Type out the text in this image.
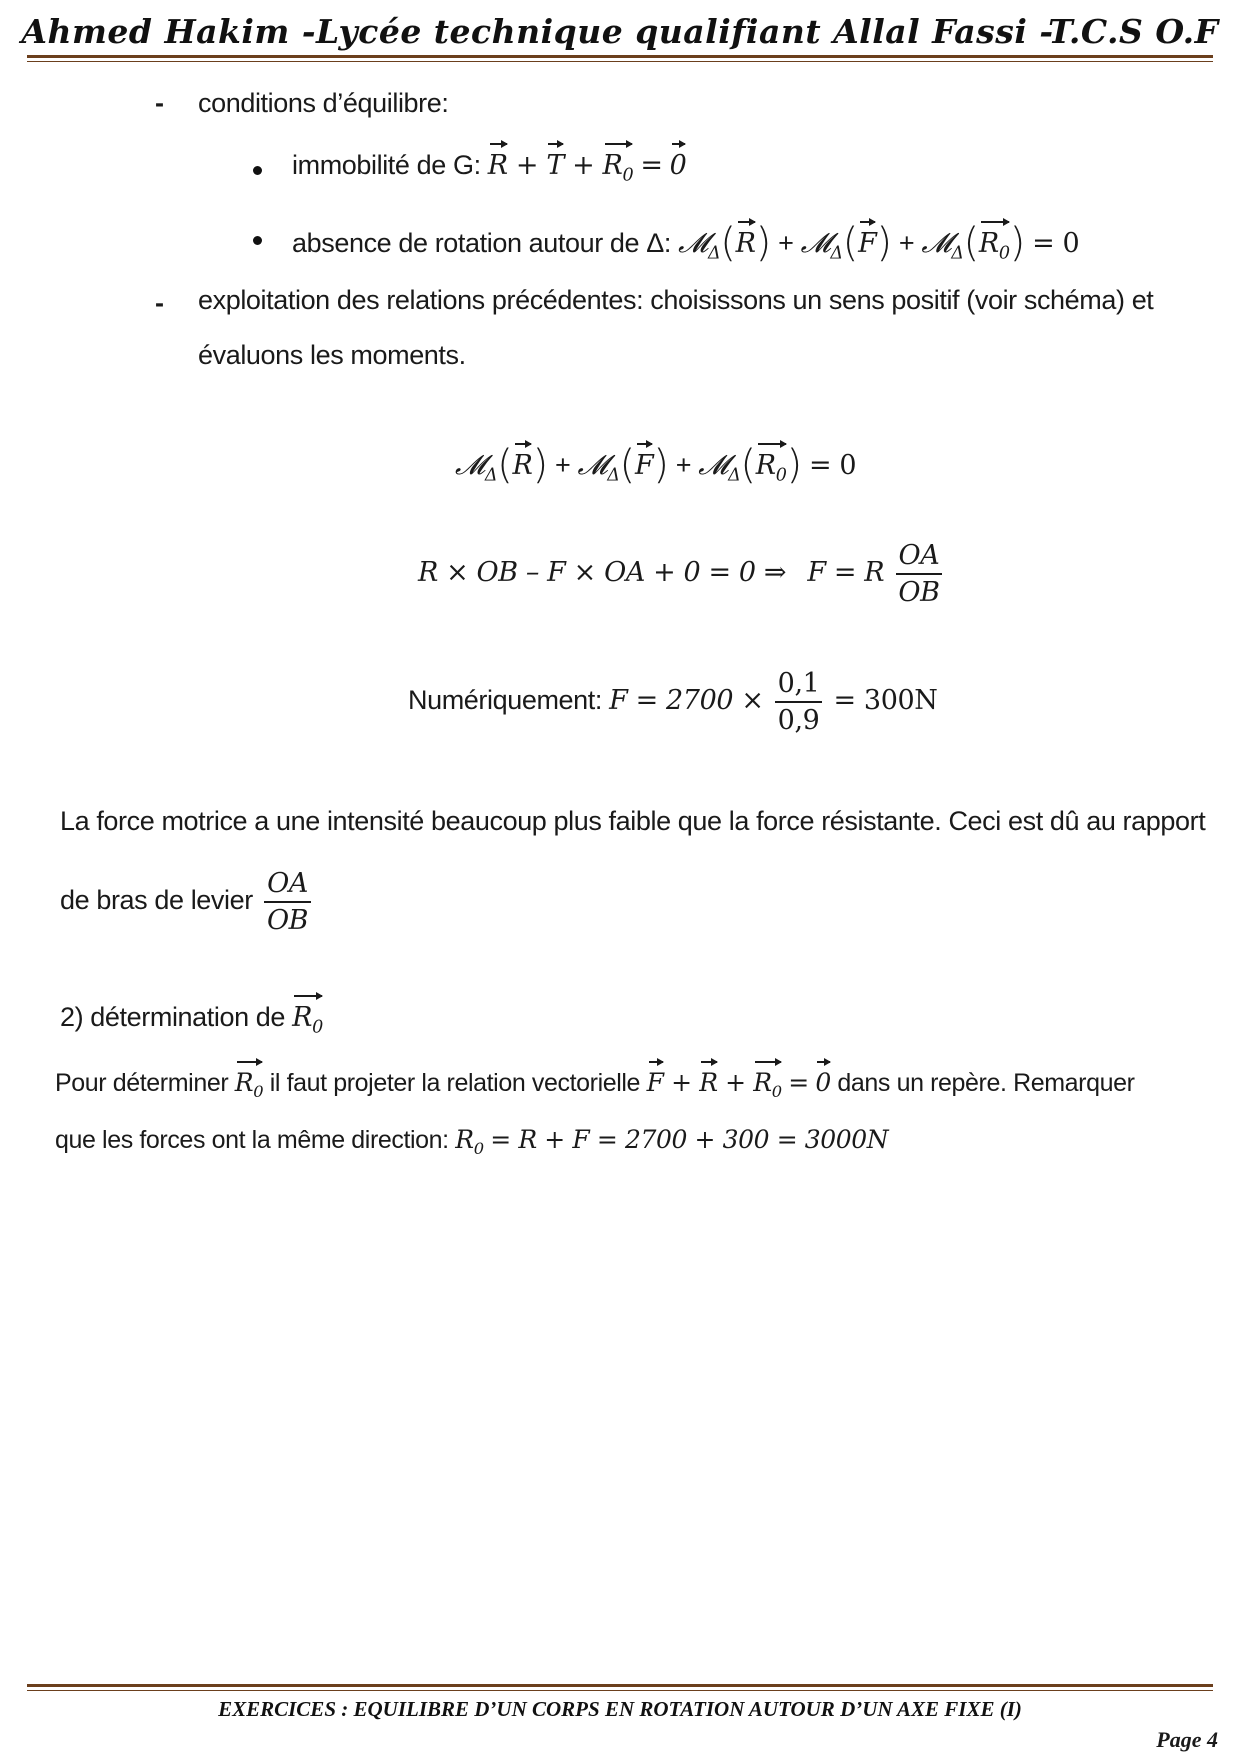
Ahmed Hakim -Lycée technique qualifiant Allal Fassi -T.C.S O.F
- conditions d’équilibre:
immobilité de G: $R + T + R_0 = 0$
absence de rotation autour de Δ: 𝓜$_\Delta$(R) + 𝓜$_\Delta$(F) + $𝓜_\Delta(R_0) = 0$
- exploitation des relations précédentes: choisissons un sens positif (voir schéma) et
évaluons les moments.
𝓜$_\Delta$(R) + 𝓜$_\Delta$(F) + $𝓜_\Delta(R_0) = 0$
R × OB – F × OA + 0 = 0 ⇒ F = R $\frac{OA}{OB}$
Numériquement: $F = 2700 \times \frac{0,1}{0,9} = 300N$
La force motrice a une intensité beaucoup plus faible que la force résistante. Ceci est dû au rapport
de bras de levier $\frac{OA}{OB}$
2) détermination de $R_0$
Pour déterminer $R_0$ il faut projeter la relation vectorielle $F + R + R_0 = 0$ dans un repère. Remarquer
que les forces ont la même direction: $R_0 = R + F = 2700 + 300 = 3000N$
EXERCICES : EQUILIBRE D’UN CORPS EN ROTATION AUTOUR D’UN AXE FIXE (I)
Page 4
